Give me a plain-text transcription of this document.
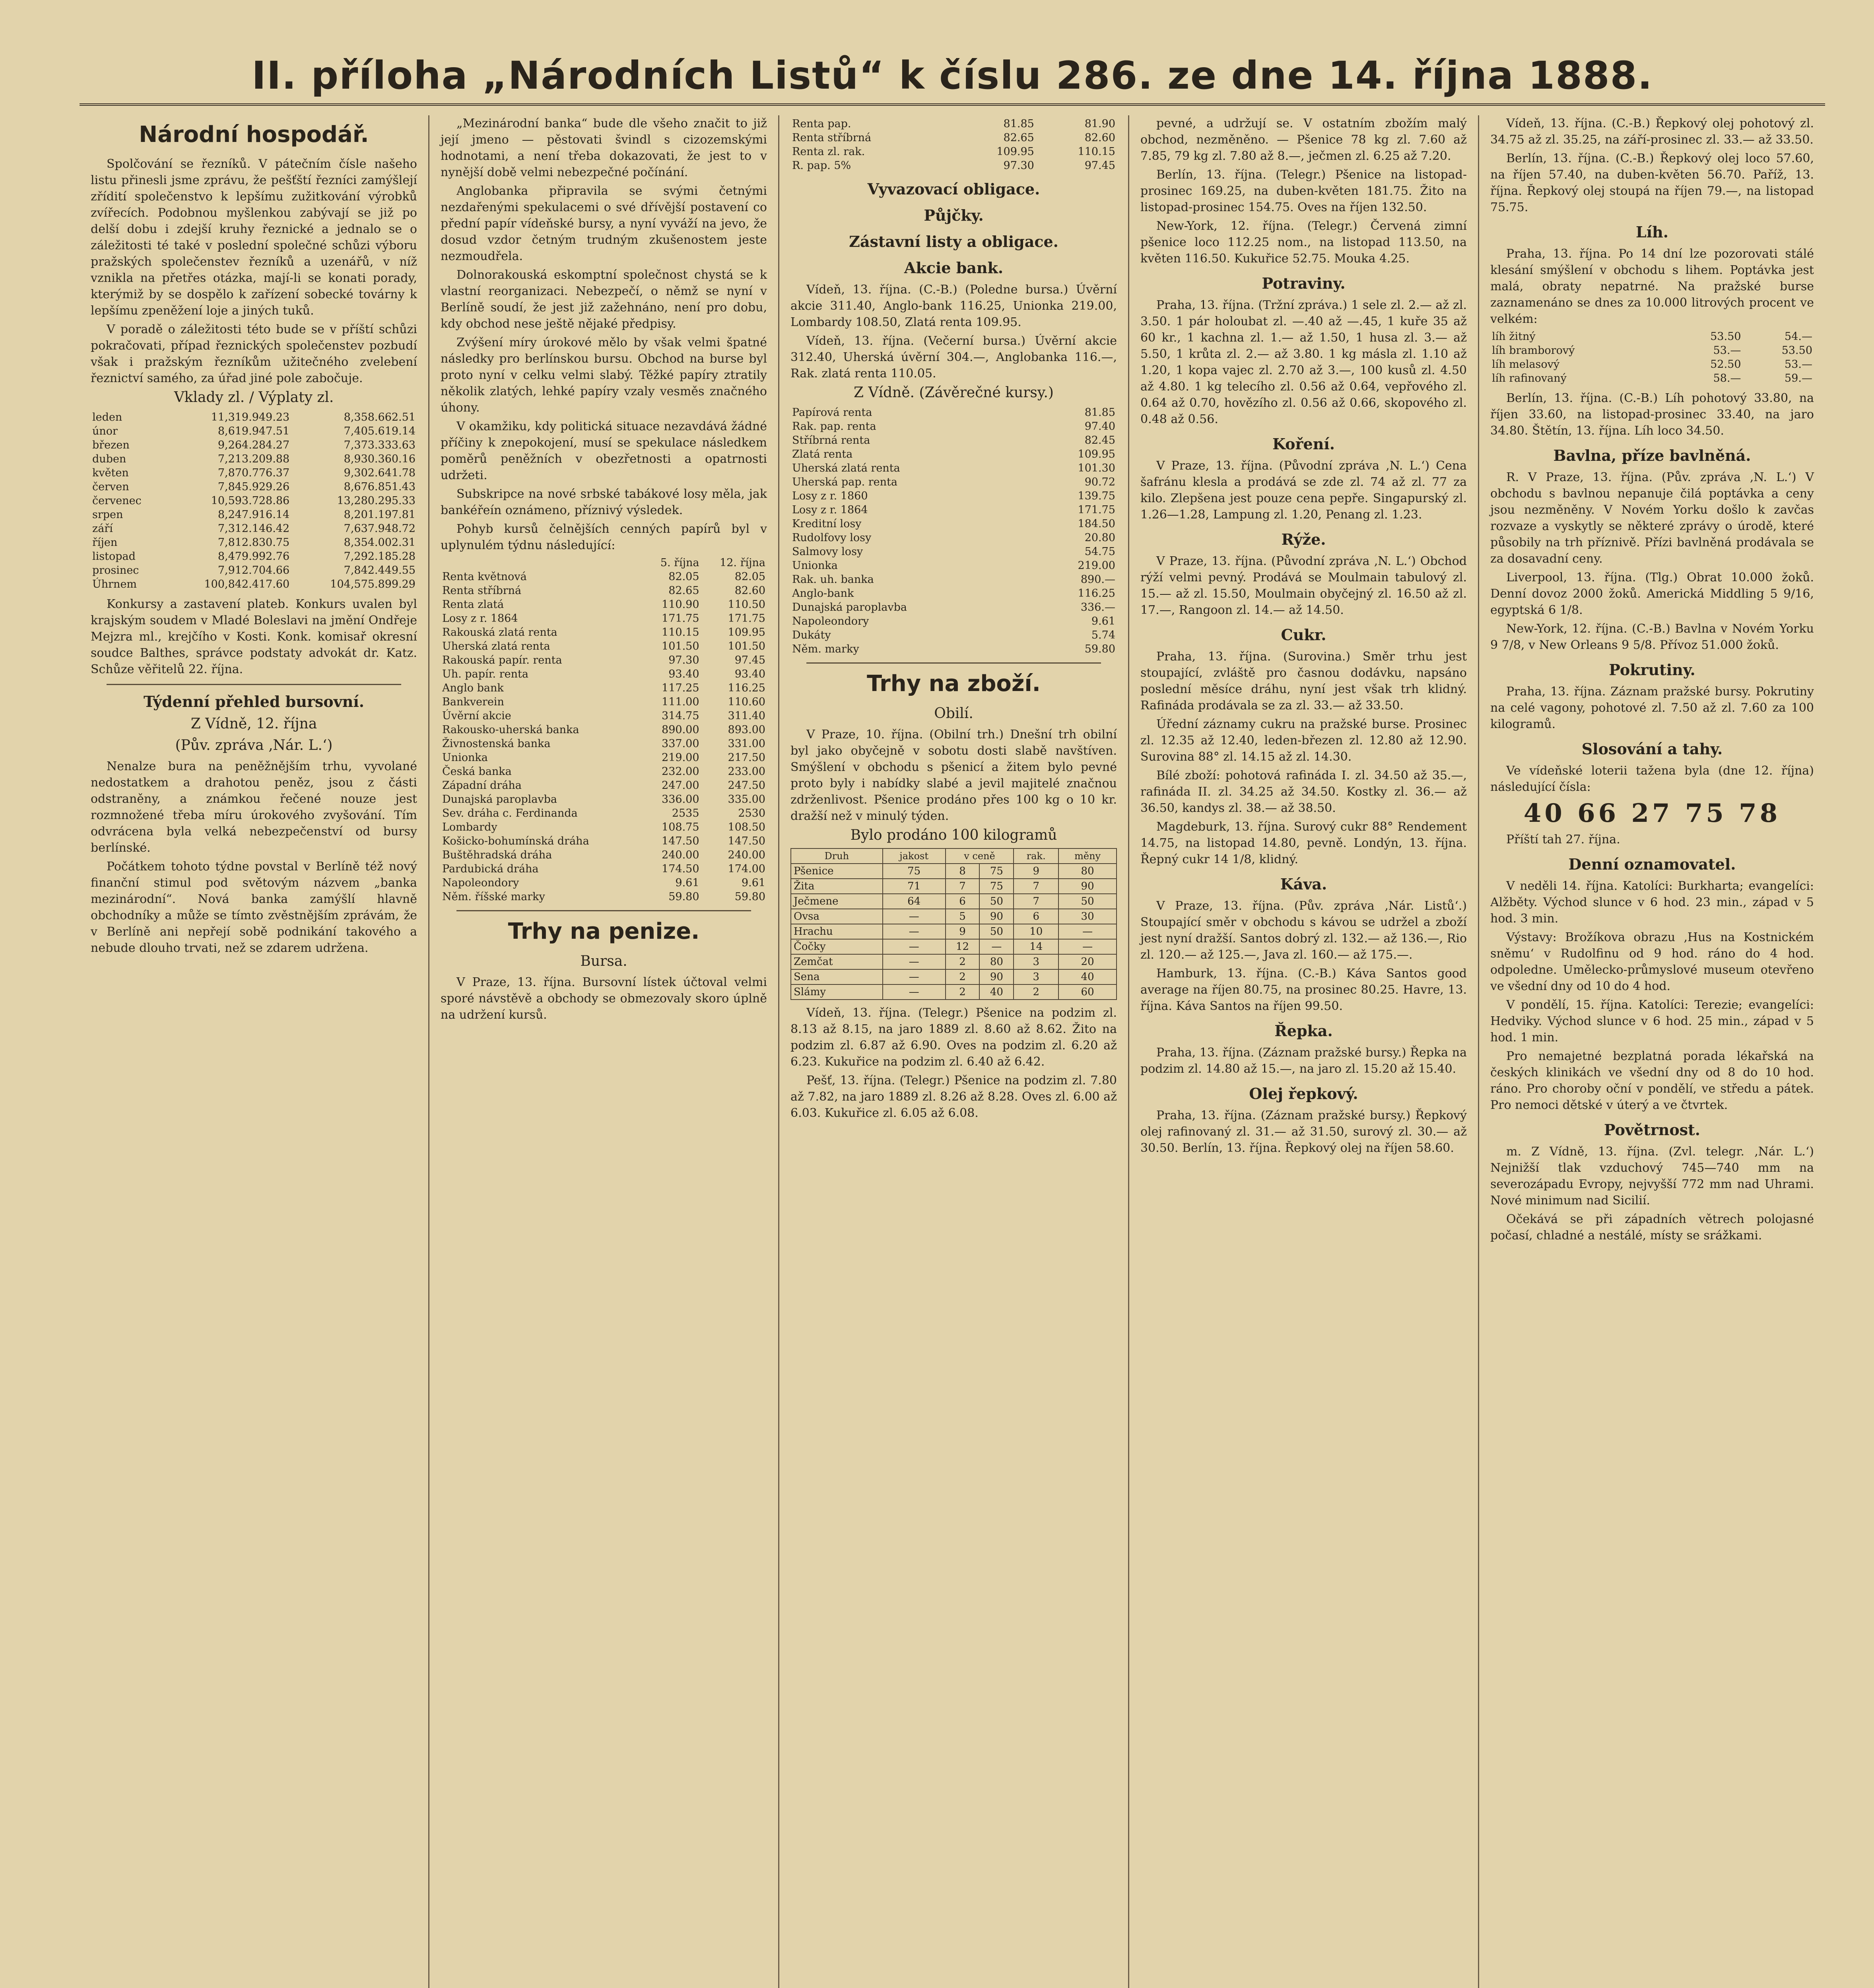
II. příloha „Národních Listů“ k číslu 286. ze dne 14. října 1888.
Národní hospodář.

Spolčování se řezníků. V pátečním čísle našeho listu přinesli jsme zprávu, že pešťští řezníci zamýšlejí zřídití společenstvo k lepšímu zužitkování výrobků zvířecích. Podobnou myšlenkou zabývají se již po delší dobu i zdejší kruhy řeznické a jednalo se o záležitosti té také v poslední společné schůzi výboru pražských společenstev řezníků a uzenářů, v níž vznikla na přetřes otázka, mají-li se konati porady, kterýmiž by se dospělo k zařízení sobecké továrny k lepšímu zpeněžení loje a jiných tuků.

V poradě o záležitosti této bude se v příští schůzi pokračovati, případ řeznických společenstev pozbudí však i pražským řezníkům užitečného zvelebení řeznictví samého, za úřad jiné pole zabočuje.

Vklady zl. / Výplaty zl.
leden	11,319.949.23	8,358.662.51
únor	8,619.947.51	7,405.619.14
březen	9,264.284.27	7,373.333.63
duben	7,213.209.88	8,930.360.16
květen	7,870.776.37	9,302.641.78
červen	7,845.929.26	8,676.851.43
červenec	10,593.728.86	13,280.295.33
srpen	8,247.916.14	8,201.197.81
září	7,312.146.42	7,637.948.72
říjen	7,812.830.75	8,354.002.31
listopad	8,479.992.76	7,292.185.28
prosinec	7,912.704.66	7,842.449.55
Úhrnem	100,842.417.60	104,575.899.29

Konkursy a zastavení plateb. Konkurs uvalen byl krajským soudem v Mladé Boleslavi na jmění Ondřeje Mejzra ml., krejčího v Kosti. Konk. komisař okresní soudce Balthes, správce podstaty advokát dr. Katz. Schůze věřitelů 22. října.

Týdenní přehled bursovní.
Z Vídně, 12. října
(Pův. zpráva ‚Nár. L.‘)

Nenalze bura na peněžnějším trhu, vyvolané nedostatkem a drahotou peněz, jsou z části odstraněny, a známkou řečené nouze jest rozmnožené třeba míru úrokového zvyšování. Tím odvrácena byla velká nebezpečenství od bursy berlínské.

Počátkem tohoto týdne povstal v Berlíně též nový finanční stimul pod světovým názvem „banka mezinárodní“. Nová banka zamýšlí hlavně obchodníky a může se tímto zvěstnějším zprávám, že v Berlíně ani nepřejí sobě podnikání takového a nebude dlouho trvati, než se zdarem udržena.

„Mezinárodní banka“ bude dle všeho značit to již její jmeno — pěstovati švindl s cizozemskými hodnotami, a není třeba dokazovati, že jest to v nynější době velmi nebezpečné počínání.

Anglobanka připravila se svými četnými nezdařenými spekulacemi o své dřívější postavení co přední papír vídeňské bursy, a nyní vyváží na jevo, že dosud vzdor četným trudným zkušenostem jeste nezmoudřela.

Dolnorakouská eskomptní společnost chystá se k vlastní reorganizaci. Nebezpečí, o němž se nyní v Berlíně soudí, že jest již zažehnáno, není pro dobu, kdy obchod nese ještě nějaké předpisy.

Zvýšení míry úrokové mělo by však velmi špatné následky pro berlínskou bursu. Obchod na burse byl proto nyní v celku velmi slabý. Těžké papíry ztratily několik zlatých, lehké papíry vzaly vesměs značného úhony.

V okamžiku, kdy politická situace nezavdává žádné příčiny k znepokojení, musí se spekulace následkem poměrů peněžních v obezřetnosti a opatrnosti udržeti.

Subskripce na nové srbské tabákové losy měla, jak bankéřeín oznámeno, příznivý výsledek.

Pohyb kursů čelnějších cenných papírů byl v uplynulém týdnu následující:

	5. října	12. října
Renta květnová	82.05	82.05
Renta stříbrná	82.65	82.60
Renta zlatá	110.90	110.50
Losy z r. 1864	171.75	171.75
Rakouská zlatá renta	110.15	109.95
Uherská zlatá renta	101.50	101.50
Rakouská papír. renta	97.30	97.45
Uh. papír. renta	93.40	93.40
Anglo bank	117.25	116.25
Bankverein	111.00	110.60
Úvěrní akcie	314.75	311.40
Rakousko-uherská banka	890.00	893.00
Živnostenská banka	337.00	331.00
Unionka	219.00	217.50
Česká banka	232.00	233.00
Západní dráha	247.00	247.50
Dunajská paroplavba	336.00	335.00
Sev. dráha c. Ferdinanda	2535	2530
Lombardy	108.75	108.50
Košicko-bohumínská dráha	147.50	147.50
Buštěhradská dráha	240.00	240.00
Pardubická dráha	174.50	174.00
Napoleondory	9.61	9.61
Něm. říšské marky	59.80	59.80
Trhy na penize.
Bursa.

V Praze, 13. října. Bursovní lístek účtoval velmi sporé návstěvě a obchody se obmezovaly skoro úplně na udržení kursů.

Renta pap.	81.85	81.90
Renta stříbrná	82.65	82.60
Renta zl. rak.	109.95	110.15
R. pap. 5%	97.30	97.45
Vyvazovací obligace.
Půjčky.
Zástavní listy a obligace.
Akcie bank.

Vídeň, 13. října. (C.-B.) (Poledne bursa.) Úvěrní akcie 311.40, Anglo-bank 116.25, Unionka 219.00, Lombardy 108.50, Zlatá renta 109.95.

Vídeň, 13. října. (Večerní bursa.) Úvěrní akcie 312.40, Uherská úvěrní 304.—, Anglobanka 116.—, Rak. zlatá renta 110.05.

Z Vídně. (Závěrečné kursy.)
Papírová renta	81.85
Rak. pap. renta	97.40
Stříbrná renta	82.45
Zlatá renta	109.95
Uherská zlatá renta	101.30
Uherská pap. renta	90.72
Losy z r. 1860	139.75
Losy z r. 1864	171.75
Kreditní losy	184.50
Rudolfovy losy	20.80
Salmovy losy	54.75
Unionka	219.00
Rak. uh. banka	890.—
Anglo-bank	116.25
Dunajská paroplavba	336.—
Napoleondory	9.61
Dukáty	5.74
Něm. marky	59.80
Trhy na zboží.
Obilí.

V Praze, 10. října. (Obilní trh.) Dnešní trh obilní byl jako obyčejně v sobotu dosti slabě navštíven. Smýšlení v obchodu s pšenicí a žitem bylo pevné proto byly i nabídky slabé a jevil majitelé značnou zdrženlivost. Pšenice prodáno přes 100 kg o 10 kr. dražší než v minulý týden.

Bylo prodáno 100 kilogramů
Druh	jakost	v ceně		rak.	měny
Pšenice	75	8	75	9	80
Žita	71	7	75	7	90
Ječmene	64	6	50	7	50
Ovsa	—	5	90	6	30
Hrachu	—	9	50	10	—
Čočky	—	12	—	14	—
Zemčat	—	2	80	3	20
Sena	—	2	90	3	40
Slámy	—	2	40	2	60

Vídeň, 13. října. (Telegr.) Pšenice na podzim zl. 8.13 až 8.15, na jaro 1889 zl. 8.60 až 8.62. Žito na podzim zl. 6.87 až 6.90. Oves na podzim zl. 6.20 až 6.23. Kukuřice na podzim zl. 6.40 až 6.42.

Pešť, 13. října. (Telegr.) Pšenice na podzim zl. 7.80 až 7.82, na jaro 1889 zl. 8.26 až 8.28. Oves zl. 6.00 až 6.03. Kukuřice zl. 6.05 až 6.08.

pevné, a udržují se. V ostatním zbožím malý obchod, nezměněno. — Pšenice 78 kg zl. 7.60 až 7.85, 79 kg zl. 7.80 až 8.—, ječmen zl. 6.25 až 7.20.

Berlín, 13. října. (Telegr.) Pšenice na listopad-prosinec 169.25, na duben-květen 181.75. Žito na listopad-prosinec 154.75. Oves na říjen 132.50.

New-York, 12. října. (Telegr.) Červená zimní pšenice loco 112.25 nom., na listopad 113.50, na květen 116.50. Kukuřice 52.75. Mouka 4.25.

Potraviny.

Praha, 13. října. (Tržní zpráva.) 1 sele zl. 2.— až zl. 3.50. 1 pár holoubat zl. —.40 až —.45, 1 kuře 35 až 60 kr., 1 kachna zl. 1.— až 1.50, 1 husa zl. 3.— až 5.50, 1 krůta zl. 2.— až 3.80. 1 kg másla zl. 1.10 až 1.20, 1 kopa vajec zl. 2.70 až 3.—, 100 kusů zl. 4.50 až 4.80. 1 kg telecího zl. 0.56 až 0.64, vepřového zl. 0.64 až 0.70, hovězího zl. 0.56 až 0.66, skopového zl. 0.48 až 0.56.

Koření.

V Praze, 13. října. (Původní zpráva ‚N. L.‘) Cena šafránu klesla a prodává se zde zl. 74 až zl. 77 za kilo. Zlepšena jest pouze cena pepře. Singapurský zl. 1.26—1.28, Lampung zl. 1.20, Penang zl. 1.23.

Rýže.

V Praze, 13. října. (Původní zpráva ‚N. L.‘) Obchod rýží velmi pevný. Prodává se Moulmain tabulový zl. 15.— až zl. 15.50, Moulmain obyčejný zl. 16.50 až zl. 17.—, Rangoon zl. 14.— až 14.50.

Cukr.

Praha, 13. října. (Surovina.) Směr trhu jest stoupající, zvláště pro časnou dodávku, napsáno poslední měsíce dráhu, nyní jest však trh klidný. Rafináda prodávala se za zl. 33.— až 33.50.

Úřední záznamy cukru na pražské burse. Prosinec zl. 12.35 až 12.40, leden-březen zl. 12.80 až 12.90. Surovina 88° zl. 14.15 až zl. 14.30.

Bílé zboží: pohotová rafináda I. zl. 34.50 až 35.—, rafináda II. zl. 34.25 až 34.50. Kostky zl. 36.— až 36.50, kandys zl. 38.— až 38.50.

Magdeburk, 13. října. Surový cukr 88° Rendement 14.75, na listopad 14.80, pevně. Londýn, 13. října. Řepný cukr 14 1/8, klidný.

Káva.

V Praze, 13. října. (Pův. zpráva ‚Nár. Listů‘.) Stoupající směr v obchodu s kávou se udržel a zboží jest nyní dražší. Santos dobrý zl. 132.— až 136.—, Rio zl. 120.— až 125.—, Java zl. 160.— až 175.—.

Hamburk, 13. října. (C.-B.) Káva Santos good average na říjen 80.75, na prosinec 80.25. Havre, 13. října. Káva Santos na říjen 99.50.

Řepka.

Praha, 13. října. (Záznam pražské bursy.) Řepka na podzim zl. 14.80 až 15.—, na jaro zl. 15.20 až 15.40.

Olej řepkový.

Praha, 13. října. (Záznam pražské bursy.) Řepkový olej rafinovaný zl. 31.— až 31.50, surový zl. 30.— až 30.50. Berlín, 13. října. Řepkový olej na říjen 58.60.

Vídeň, 13. října. (C.-B.) Řepkový olej pohotový zl. 34.75 až zl. 35.25, na září-prosinec zl. 33.— až 33.50.

Berlín, 13. října. (C.-B.) Řepkový olej loco 57.60, na říjen 57.40, na duben-květen 56.70. Paříž, 13. října. Řepkový olej stoupá na říjen 79.—, na listopad 75.75.

Líh.

Praha, 13. října. Po 14 dní lze pozorovati stálé klesání smýšlení v obchodu s lihem. Poptávka jest malá, obraty nepatrné. Na pražské burse zaznamenáno se dnes za 10.000 litrových procent ve velkém:

líh žitný	53.50	54.—
líh bramborový	53.—	53.50
líh melasový	52.50	53.—
líh rafinovaný	58.—	59.—

Berlín, 13. října. (C.-B.) Líh pohotový 33.80, na říjen 33.60, na listopad-prosinec 33.40, na jaro 34.80. Štětín, 13. října. Líh loco 34.50.

Bavlna, příze bavlněná.

R. V Praze, 13. října. (Pův. zpráva ‚N. L.‘) V obchodu s bavlnou nepanuje čilá poptávka a ceny jsou nezměněny. V Novém Yorku došlo k zavčas rozvaze a vyskytly se některé zprávy o úrodě, které působily na trh příznivě. Přízi bavlněná prodávala se za dosavadní ceny.

Liverpool, 13. října. (Tlg.) Obrat 10.000 žoků. Denní dovoz 2000 žoků. Americká Middling 5 9/16, egyptská 6 1/8.

New-York, 12. října. (C.-B.) Bavlna v Novém Yorku 9 7/8, v New Orleans 9 5/8. Přívoz 51.000 žoků.

Pokrutiny.

Praha, 13. října. Záznam pražské bursy. Pokrutiny na celé vagony, pohotové zl. 7.50 až zl. 7.60 za 100 kilogramů.

Slosování a tahy.

Ve vídeňské loterii tažena byla (dne 12. října) následující čísla:

40 66 27 75 78

Příští tah 27. října.

Denní oznamovatel.

V neděli 14. října. Katolíci: Burkharta; evangelíci: Alžběty. Východ slunce v 6 hod. 23 min., západ v 5 hod. 3 min.

Výstavy: Brožíkova obrazu ‚Hus na Kostnickém sněmu‘ v Rudolfinu od 9 hod. ráno do 4 hod. odpoledne. Umělecko-průmyslové museum otevřeno ve všední dny od 10 do 4 hod.

V pondělí, 15. října. Katolíci: Terezie; evangelíci: Hedviky. Východ slunce v 6 hod. 25 min., západ v 5 hod. 1 min.

Pro nemajetné bezplatná porada lékařská na českých klinikách ve všední dny od 8 do 10 hod. ráno. Pro choroby oční v pondělí, ve středu a pátek. Pro nemoci dětské v úterý a ve čtvrtek.

Povětrnost.

m. Z Vídně, 13. října. (Zvl. telegr. ‚Nár. L.‘) Nejnižší tlak vzduchový 745—740 mm na severozápadu Evropy, nejvyšší 772 mm nad Uhrami. Nové minimum nad Sicilií.

Očekává se při západních větrech polojasné počasí, chladné a nestálé, místy se srážkami.
